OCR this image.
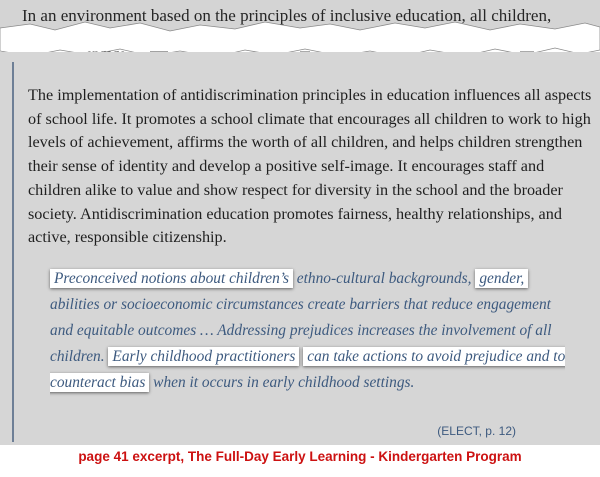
In an environment based on the principles of inclusive education, all children,
The implementation of antidiscrimination principles in education influences all aspects of school life. It promotes a school climate that encourages all children to work to high levels of achievement, affirms the worth of all children, and helps children strengthen their sense of identity and develop a positive self-image. It encourages staff and children alike to value and show respect for diversity in the school and the broader society. Antidiscrimination education promotes fairness, healthy relationships, and active, responsible citizenship.
Preconceived notions about children’s ethno-cultural backgrounds, gender, abilities or socioeconomic circumstances create barriers that reduce engagement and equitable outcomes … Addressing prejudices increases the involvement of all children. Early childhood practitioners can take actions to avoid prejudice and to counteract bias when it occurs in early childhood settings.
(ELECT, p. 12)
page 41 excerpt, The Full-Day Early Learning - Kindergarten Program
